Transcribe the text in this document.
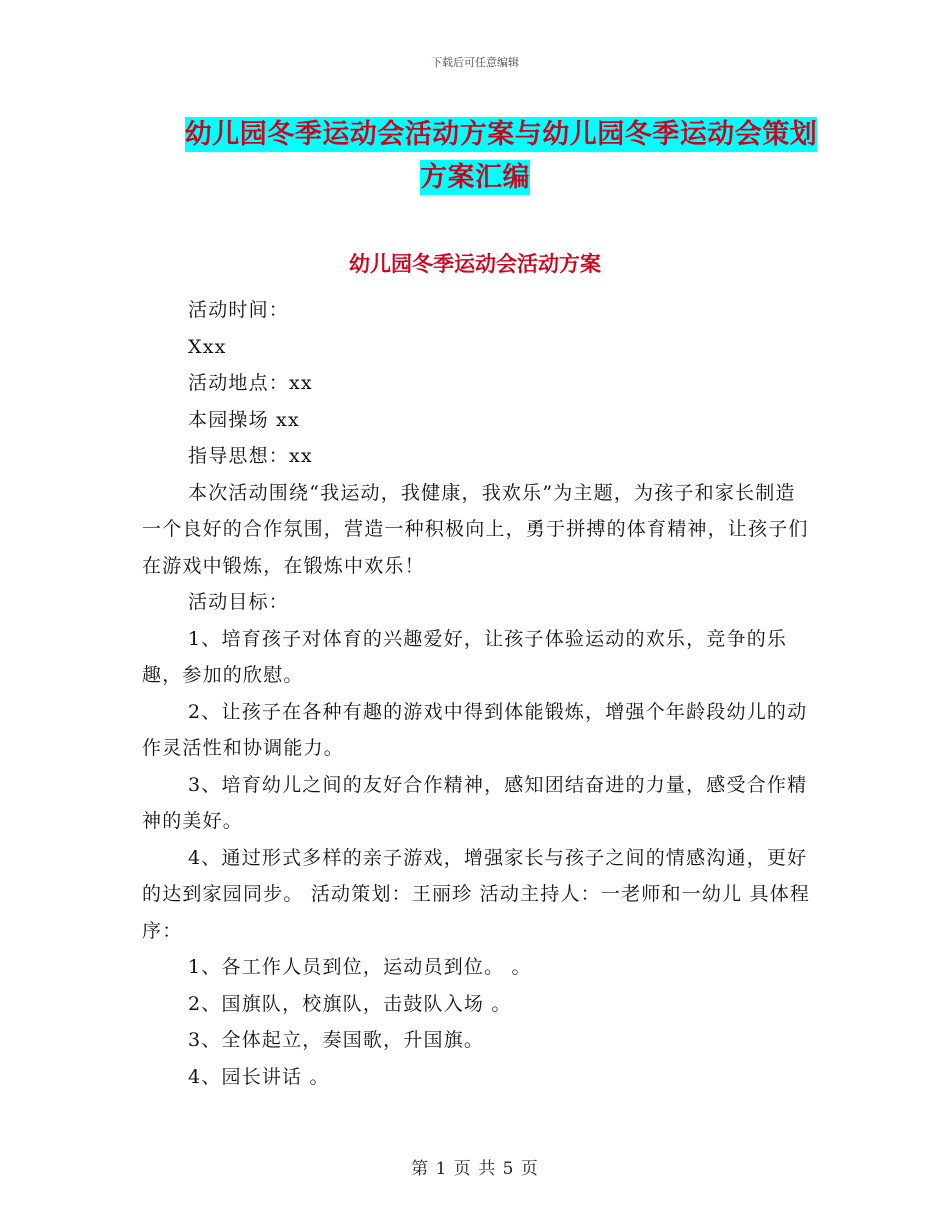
下载后可任意编辑
幼儿园冬季运动会活动方案与幼儿园冬季运动会策划
方案汇编
幼儿园冬季运动会活动方案

活动时间：

Xxx

活动地点：xx

本园操场 xx

指导思想：xx

本次活动围绕“我运动，我健康，我欢乐”为主题，为孩子和家长制造一个良好的合作氛围，营造一种积极向上，勇于拼搏的体育精神，让孩子们在游戏中锻炼，在锻炼中欢乐！

活动目标：

1、培育孩子对体育的兴趣爱好，让孩子体验运动的欢乐，竞争的乐趣，参加的欣慰。

2、让孩子在各种有趣的游戏中得到体能锻炼，增强个年龄段幼儿的动作灵活性和协调能力。

3、培育幼儿之间的友好合作精神，感知团结奋进的力量，感受合作精神的美好。

4、通过形式多样的亲子游戏，增强家长与孩子之间的情感沟通，更好的达到家园同步。 活动策划：王丽珍 活动主持人：一老师和一幼儿 具体程序：

1、各工作人员到位，运动员到位。 。

2、国旗队，校旗队，击鼓队入场 。

3、全体起立，奏国歌，升国旗。

4、园长讲话 。

第 1 页 共 5 页
